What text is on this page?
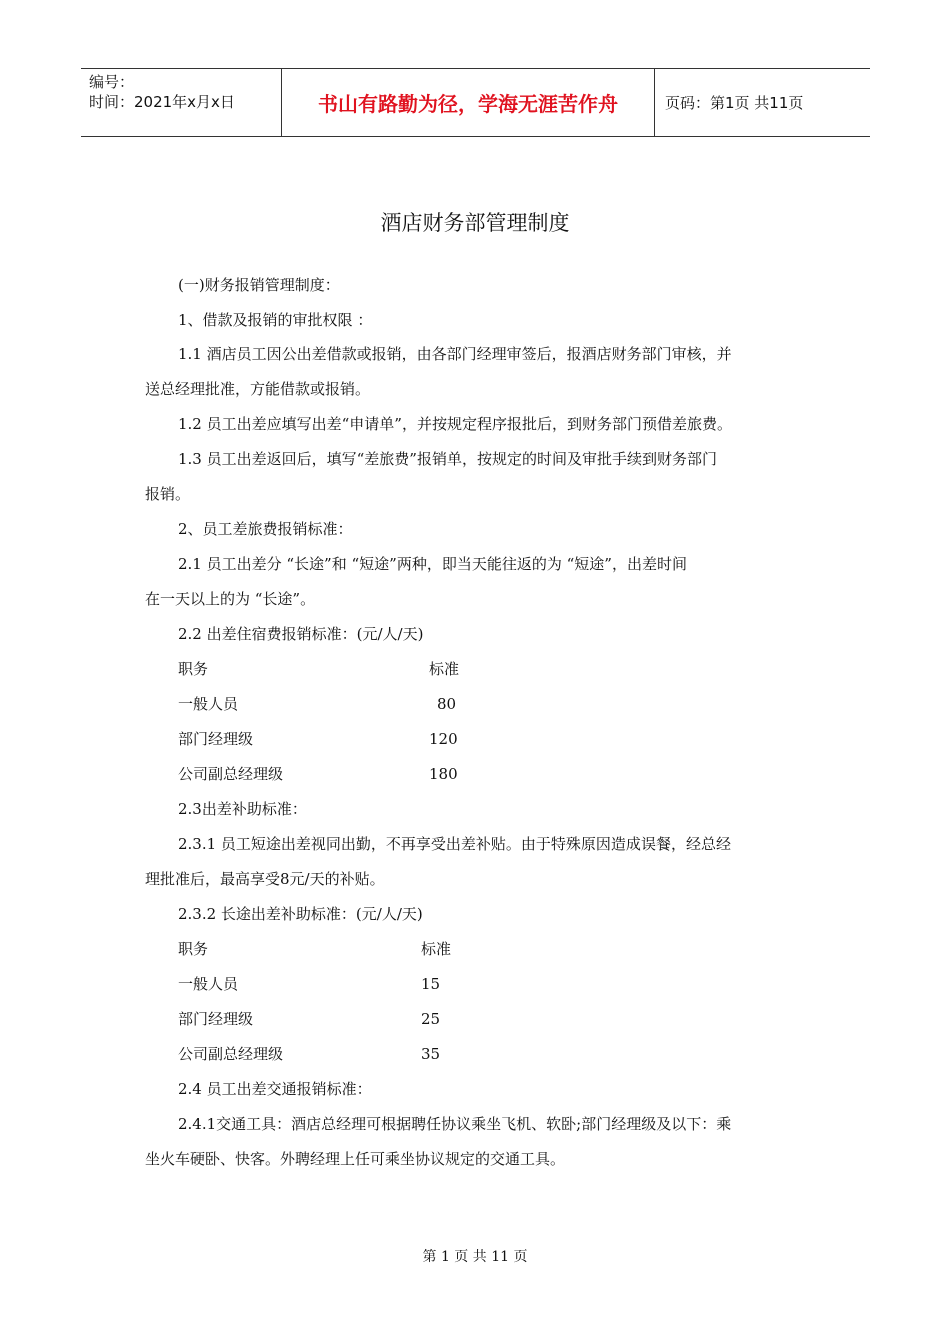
编号：
时间：2021年x月x日	书山有路勤为径，学海无涯苦作舟	页码：第1页 共11页
酒店财务部管理制度
(一)财务报销管理制度：
1、借款及报销的审批权限 ：
1.1 酒店员工因公出差借款或报销，由各部门经理审签后，报酒店财务部门审核，并
送总经理批准，方能借款或报销。
1.2 员工出差应填写出差“申请单”，并按规定程序报批后，到财务部门预借差旅费。
1.3 员工出差返回后，填写“差旅费”报销单，按规定的时间及审批手续到财务部门
报销。
2、员工差旅费报销标准：
2.1 员工出差分 “长途”和 “短途”两种，即当天能往返的为 “短途”，出差时间
在一天以上的为 “长途”。
2.2 出差住宿费报销标准：(元/人/天)
职务	标准
一般人员	80
部门经理级	120
公司副总经理级	180
2.3出差补助标准：
2.3.1 员工短途出差视同出勤，不再享受出差补贴。由于特殊原因造成误餐，经总经
理批准后，最高享受8元/天的补贴。
2.3.2 长途出差补助标准：(元/人/天)
职务	标准
一般人员	15
部门经理级	25
公司副总经理级	35
2.4 员工出差交通报销标准：
2.4.1交通工具：酒店总经理可根据聘任协议乘坐飞机、软卧;部门经理级及以下：乘
坐火车硬卧、快客。外聘经理上任可乘坐协议规定的交通工具。
第 1 页 共 11 页
